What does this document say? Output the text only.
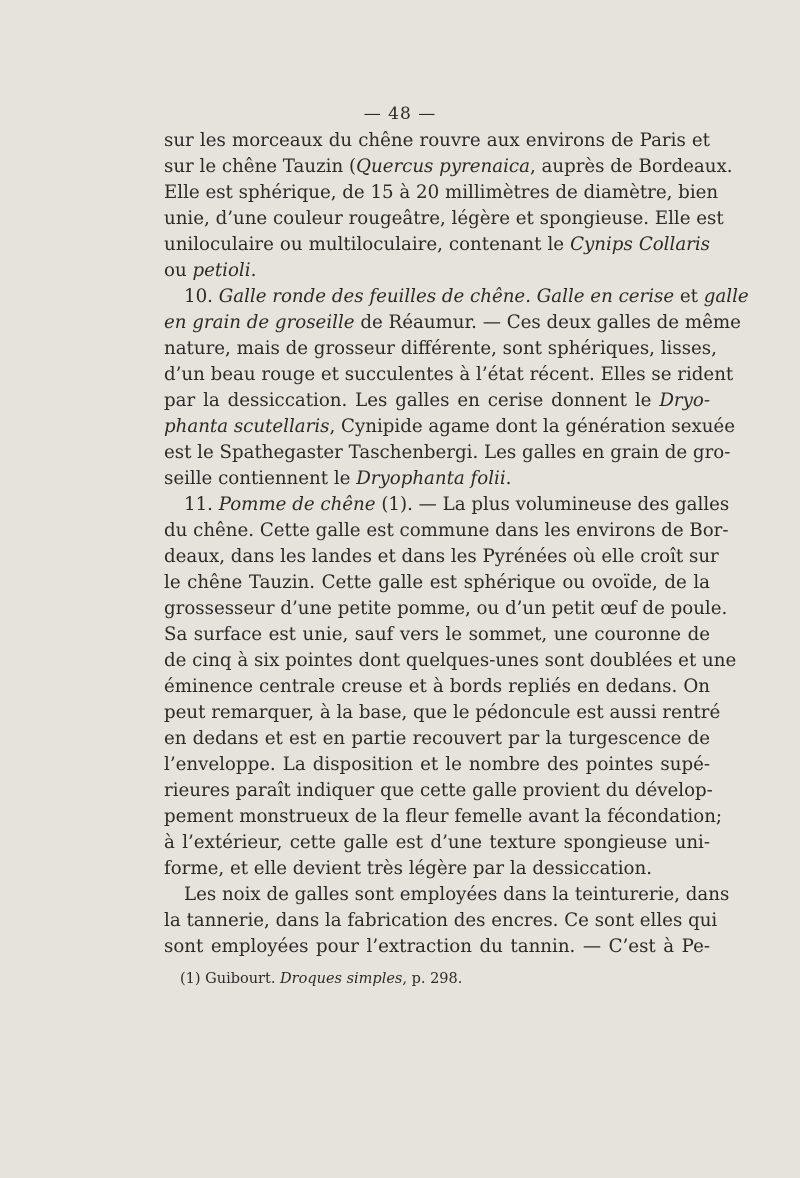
— 48 —
sur les morceaux du chêne rouvre aux environs de Paris et
sur le chêne Tauzin (Quercus pyrenaica, auprès de Bordeaux.
Elle est sphérique, de 15 à 20 millimètres de diamètre, bien
unie, d’une couleur rougeâtre, légère et spongieuse. Elle est
uniloculaire ou multiloculaire, contenant le Cynips Collaris
ou petioli.
10. Galle ronde des feuilles de chêne. Galle en cerise et galle
en grain de groseille de Réaumur. — Ces deux galles de même
nature, mais de grosseur différente, sont sphériques, lisses,
d’un beau rouge et succulentes à l’état récent. Elles se rident
par la dessiccation. Les galles en cerise donnent le Dryo-
phanta scutellaris, Cynipide agame dont la génération sexuée
est le Spathegaster Taschenbergi. Les galles en grain de gro-
seille contiennent le Dryophanta folii.
11. Pomme de chêne (1). — La plus volumineuse des galles
du chêne. Cette galle est commune dans les environs de Bor-
deaux, dans les landes et dans les Pyrénées où elle croît sur
le chêne Tauzin. Cette galle est sphérique ou ovoïde, de la
grossesseur d’une petite pomme, ou d’un petit œuf de poule.
Sa surface est unie, sauf vers le sommet, une couronne de
de cinq à six pointes dont quelques-unes sont doublées et une
éminence centrale creuse et à bords repliés en dedans. On
peut remarquer, à la base, que le pédoncule est aussi rentré
en dedans et est en partie recouvert par la turgescence de
l’enveloppe. La disposition et le nombre des pointes supé-
rieures paraît indiquer que cette galle provient du dévelop-
pement monstrueux de la fleur femelle avant la fécondation;
à l’extérieur, cette galle est d’une texture spongieuse uni-
forme, et elle devient très légère par la dessiccation.
Les noix de galles sont employées dans la teinturerie, dans
la tannerie, dans la fabrication des encres. Ce sont elles qui
sont employées pour l’extraction du tannin. — C’est à Pe-
(1) Guibourt. Droques simples, p. 298.
